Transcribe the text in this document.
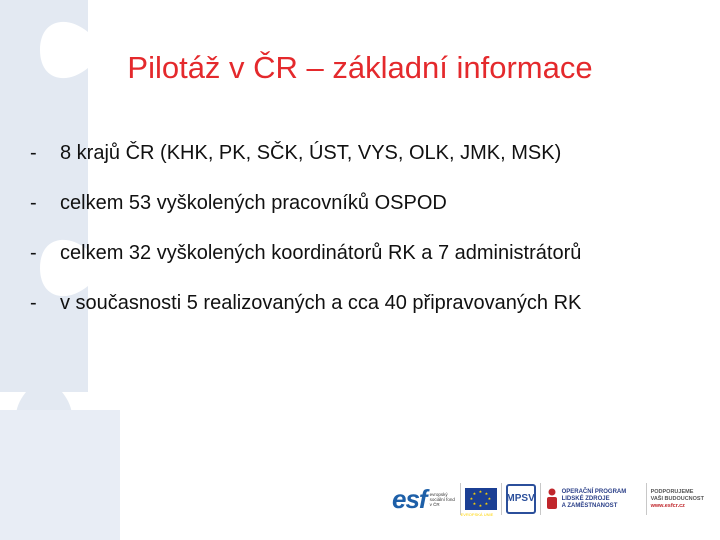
Pilotáž v ČR – základní informace
-	8 krajů ČR (KHK, PK, SČK, ÚST, VYS, OLK, JMK, MSK)
-	celkem 53 vyškolených pracovníků OSPOD
-	celkem 32 vyškolených koordinátorů RK a 7 administrátorů
-	v současnosti 5 realizovaných a cca 40 připravovaných RK
esf evropský sociální fond v ČR
★ ★
★
★
★
★
★
★
EVROPSKÁ UNIE
MPSV
OPERAČNÍ PROGRAM
LIDSKÉ ZDROJE
A ZAMĚSTNANOST
PODPORUJEME
VAŠI BUDOUCNOST
www.esfcr.cz
